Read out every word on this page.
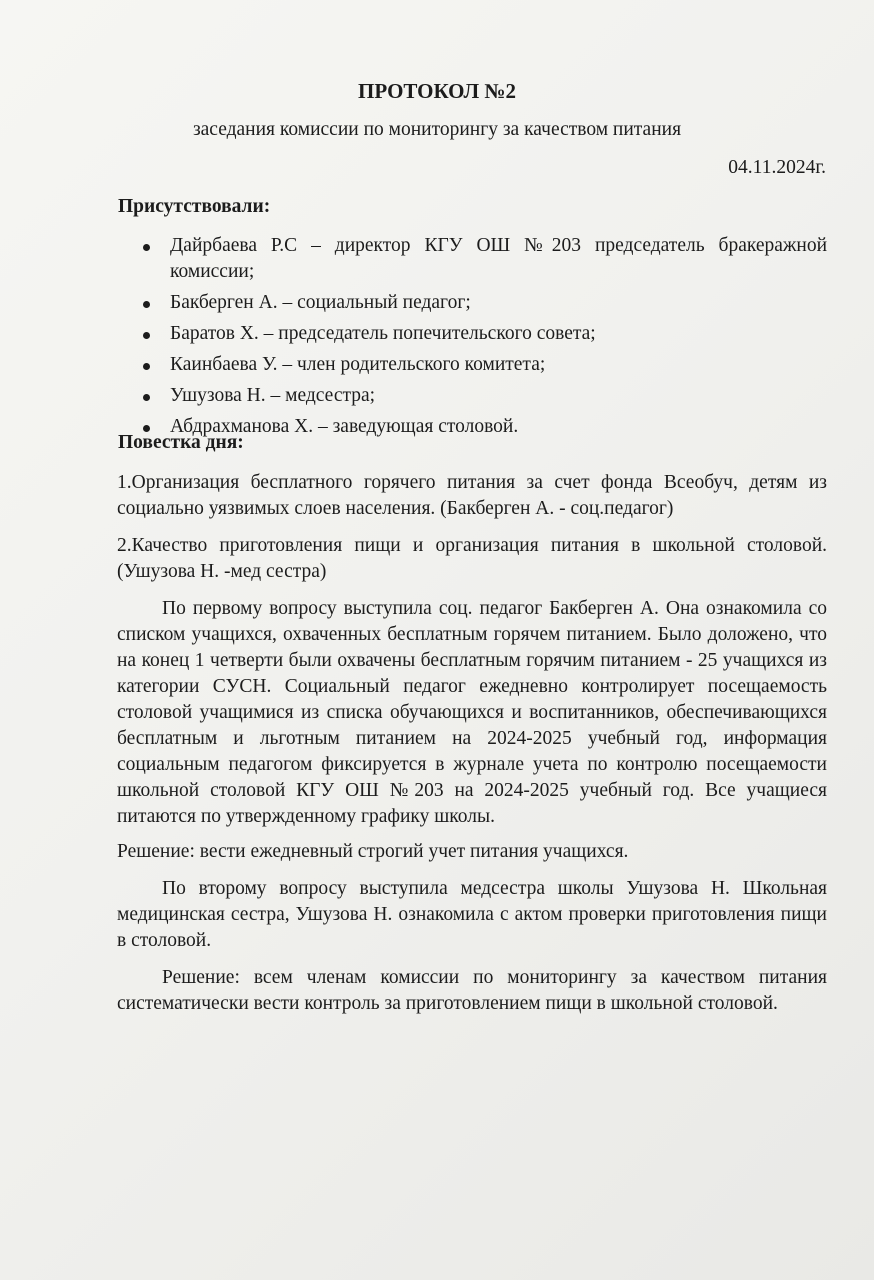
ПРОТОКОЛ №2
заседания комиссии по мониторингу за качеством питания
04.11.2024г.
Присутствовали:
Дайрбаева Р.С – директор КГУ ОШ №203 председатель бракеражной комиссии;
Бакберген А. – социальный педагог;
Баратов Х. – председатель попечительского совета;
Каинбаева У. – член родительского комитета;
Ушузова Н. – медсестра;
Абдрахманова Х. – заведующая столовой.
Повестка дня:

1.Организация бесплатного горячего питания за счет фонда Всеобуч, детям из социально уязвимых слоев населения. (Бакберген А. - соц.педагог)

2.Качество приготовления пищи и организация питания в школьной столовой. (Ушузова Н. -мед сестра)

По первому вопросу выступила соц. педагог Бакберген А. Она ознакомила со списком учащихся, охваченных бесплатным горячем питанием. Было доложено, что на конец 1 четверти были охвачены бесплатным горячим питанием - 25 учащихся из категории СУСН. Социальный педагог ежедневно контролирует посещаемость столовой учащимися из списка обучающихся и воспитанников, обеспечивающихся бесплатным и льготным питанием на 2024-2025 учебный год, информация социальным педагогом фиксируется в журнале учета по контролю посещаемости школьной столовой КГУ ОШ №203 на 2024-2025 учебный год. Все учащиеся питаются по утвержденному графику школы.

Решение: вести ежедневный строгий учет питания учащихся.

По второму вопросу выступила медсестра школы Ушузова Н. Школьная медицинская сестра, Ушузова Н. ознакомила с актом проверки приготовления пищи в столовой.

Решение: всем членам комиссии по мониторингу за качеством питания систематически вести контроль за приготовлением пищи в школьной столовой.
